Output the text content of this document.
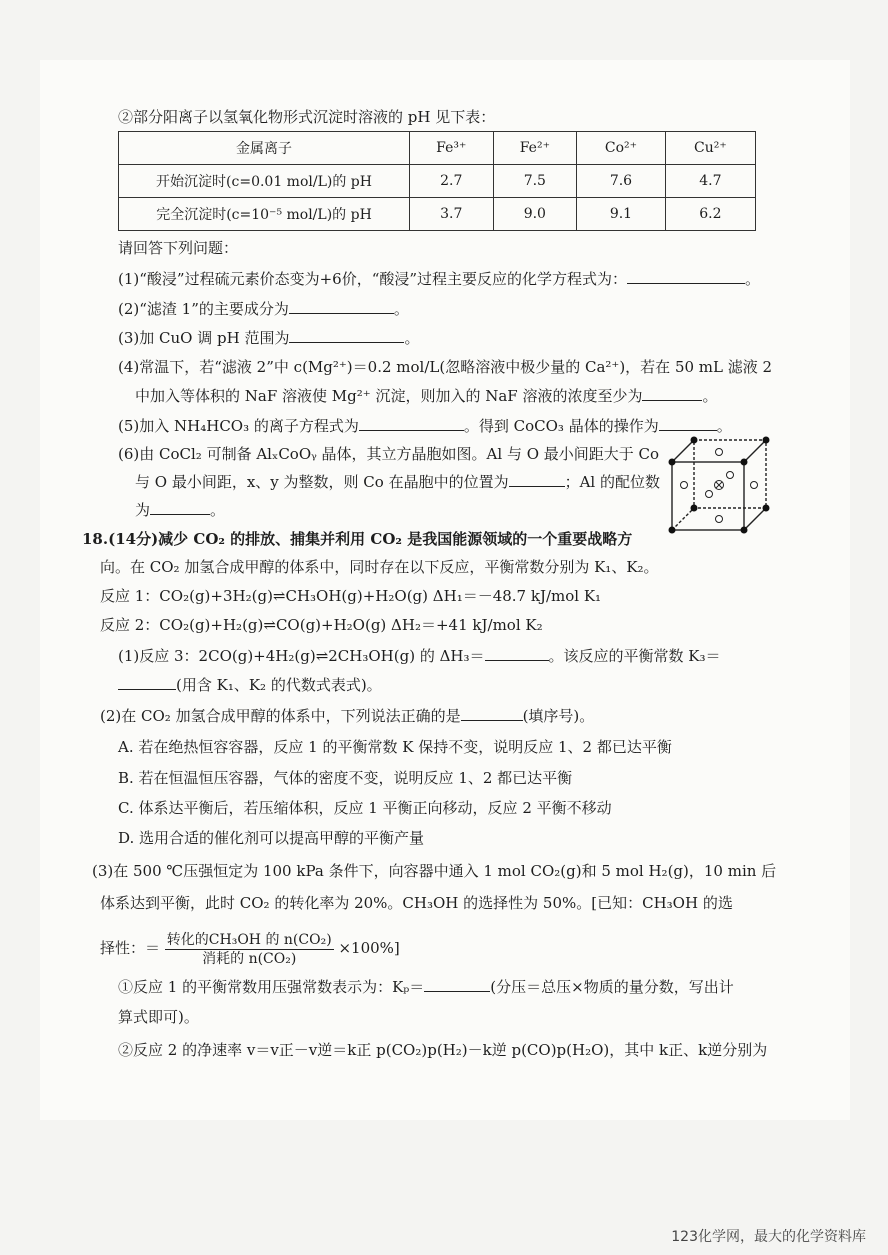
②部分阳离子以氢氧化物形式沉淀时溶液的 pH 见下表：
金属离子	Fe³⁺	Fe²⁺	Co²⁺	Cu²⁺
开始沉淀时(c=0.01 mol/L)的 pH	2.7	7.5	7.6	4.7
完全沉淀时(c=10⁻⁵ mol/L)的 pH	3.7	9.0	9.1	6.2
请回答下列问题：
(1)“酸浸”过程硫元素价态变为+6价，“酸浸”过程主要反应的化学方程式为：	。
(2)“滤渣 1”的主要成分为	。
(3)加 CuO 调 pH 范围为	。
(4)常温下，若“滤液 2”中 c(Mg²⁺)＝0.2 mol/L(忽略溶液中极少量的 Ca²⁺)，若在 50 mL 滤液 2
中加入等体积的 NaF 溶液使 Mg²⁺ 沉淀，则加入的 NaF 溶液的浓度至少为	。
(5)加入 NH₄HCO₃ 的离子方程式为	。得到 CoCO₃ 晶体的操作为	。
(6)由 CoCl₂ 可制备 AlₓCoOᵧ 晶体，其立方晶胞如图。Al 与 O 最小间距大于 Co
与 O 最小间距，x、y 为整数，则 Co 在晶胞中的位置为	；Al 的配位数
为	。
18.(14分)减少 CO₂ 的排放、捕集并利用 CO₂ 是我国能源领域的一个重要战略方
向。在 CO₂ 加氢合成甲醇的体系中，同时存在以下反应，平衡常数分别为 K₁、K₂。
反应 1：CO₂(g)+3H₂(g)⇌CH₃OH(g)+H₂O(g) ΔH₁＝－48.7 kJ/mol K₁
反应 2：CO₂(g)+H₂(g)⇌CO(g)+H₂O(g) ΔH₂＝+41 kJ/mol K₂
(1)反应 3：2CO(g)+4H₂(g)⇌2CH₃OH(g) 的 ΔH₃＝	。该反应的平衡常数 K₃＝
(用含 K₁、K₂ 的代数式表式)。
(2)在 CO₂ 加氢合成甲醇的体系中，下列说法正确的是	(填序号)。
A. 若在绝热恒容容器，反应 1 的平衡常数 K 保持不变，说明反应 1、2 都已达平衡
B. 若在恒温恒压容器，气体的密度不变，说明反应 1、2 都已达平衡
C. 体系达平衡后，若压缩体积，反应 1 平衡正向移动，反应 2 平衡不移动
D. 选用合适的催化剂可以提高甲醇的平衡产量
(3)在 500 ℃压强恒定为 100 kPa 条件下，向容器中通入 1 mol CO₂(g)和 5 mol H₂(g)，10 min 后
体系达到平衡，此时 CO₂ 的转化率为 20%。CH₃OH 的选择性为 50%。[已知：CH₃OH 的选
择性：＝ $\frac{\text{转化的CH₃OH 的 n(CO₂)}}{\text{消耗的 n(CO₂)}} \times 100\%$]
①反应 1 的平衡常数用压强常数表示为：Kₚ＝	(分压＝总压×物质的量分数，写出计
算式即可)。
②反应 2 的净速率 v＝v正－v逆＝k正 p(CO₂)p(H₂)－k逆 p(CO)p(H₂O)，其中 k正、k逆分别为
123化学网，最大的化学资料库
